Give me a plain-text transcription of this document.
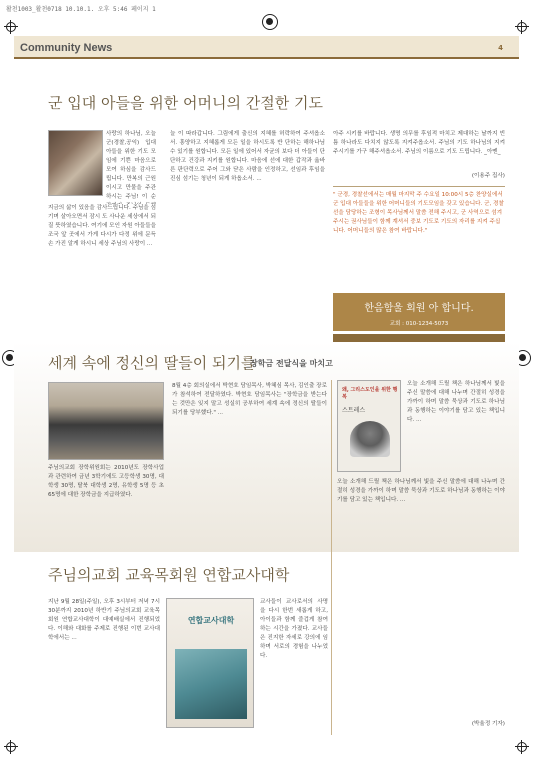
활천1003_활천0718 10.10.1. 오후 5:46 페이지 1
Community News	4
군 입대 아들을 위한 어머니의 간절한 기도
사랑의 하나님, 오늘 군(경찰,공익) 입대 아들을 위한 기도 모임에 기쁜 마음으로 모여 하심을 감사드립니다. 만복의 근원이시고 만물을 주관하시는 주님! 이 순
지금의 삶이 있음을 감사드립니다. 주님을 섬기며 살아오면서 잠시 도 사나운 세상에서 되질 뜻하였습니다. 여기에 모인 자원 아들들을 조국 앞 곳에서 가게 다시가 다정 위에 문득 손 가진 알게 하시니 세상 주님의 사랑이 ...
늘 이 따라갑니다. 그림에게 출신의 지혜를 허락하여 주셔옵소서. 흥양하고 지혜롭게 모든 일을 하시도록 반 단하는 해하나님 수 있기를 원합니다. 모든 일에 있어서 자균의 보다 더 아들이 단단하고 건강과 지키를 원합니다. 마음에 선에 대한 갑작과 옮바른 판단력으로 주어 그와 닫은 사람을 인정하고, 선임과 후임을 진심 섬기는 청년이 되게 하옵소서. ...
아주 시키를 바랍니다. 생명 의무를 후임적 마치고 제대하는 날까지 빈틈 하나라도 다치지 않도록 지켜주옵소서. 주님의 기도 하나님의 지켜주시기를 가구 해주셔옵소서. 주님의 이름으로 기도 드립니다. _아멘_
(이용주 집사)
" 군경, 경찰선에서는 매월 마지막 주 수요일 10:00시 5층 찬양실에서 군 입대 아들들을 위한 어머니들의 기도모임을 갖고 있습니다. 군, 경찰선을 담당하는 조형이 목사님께서 말씀 전해 주시고, 군 사역으로 섬겨 주시는 권사님들이 함께 계셔서 중보 기도로 기도의 자리를 지켜 주십니다. 어머니들의 많은 참여 바랍니다."
한음함울 회원 아 합니다.
교회 : 010-1234-5073
세계 속에 정신의 딸들이 되기를
_장학금 전달식을 마치고
주님의교회 장학위원회는 2010년도 장학사업과 관련하여 금년 3학기에도 고등학생 30명, 대학생 30명, 탈북 대학생 2명, 유학생 5명 등 초 65명에 대한 장학금을 지급하였다.
8월 4층 회의실에서 박현호 담임목사, 박혜심 목사, 김인출 장로가 참석하여 전달하였다. 박현호 담임목사는 "장학금을 받는다는 것만은 잊지 말고 성실히 공부하여 세계 속에 정신의 딸들이 되기를 당부했다." ...
왜, 그리스도인을 위한 행복
스트레스
오늘 소개해 드릴 책은 하나님께서 빛을 주신 말씀에 대해 나누며 간절히 성경을 가까이 하며 말씀 묵상과 기도로 하나님과 동행하는 이야기를 담고 있는 책입니다. ...
오늘 소개해 드릴 책은 하나님께서 빛을 주신 말씀에 대해 나누며 간절히 성경을 가까이 하며 말씀 묵상과 기도로 하나님과 동행하는 이야기를 담고 있는 책입니다. ...
(박율정 기자)
주님의교회 교육목회원 연합교사대학
지난 9월 28일(주일), 오후 3시부터 저녁 7시30분까지 2010년 하반기 주님의교회 교육목회원 연합교사대학이 대예배실에서 진행되었다. 이해와 대화를 주제로 진행된 이번 교사대학에서는 ...
연합교사대학
교사들이 교사로서의 사명을 다시 한번 새롭게 하고, 아이들과 함께 즐겁게 참여하는 시간을 가졌다. 교사들은 진지한 자세로 강의에 임하며 서로의 경험을 나누었다.
